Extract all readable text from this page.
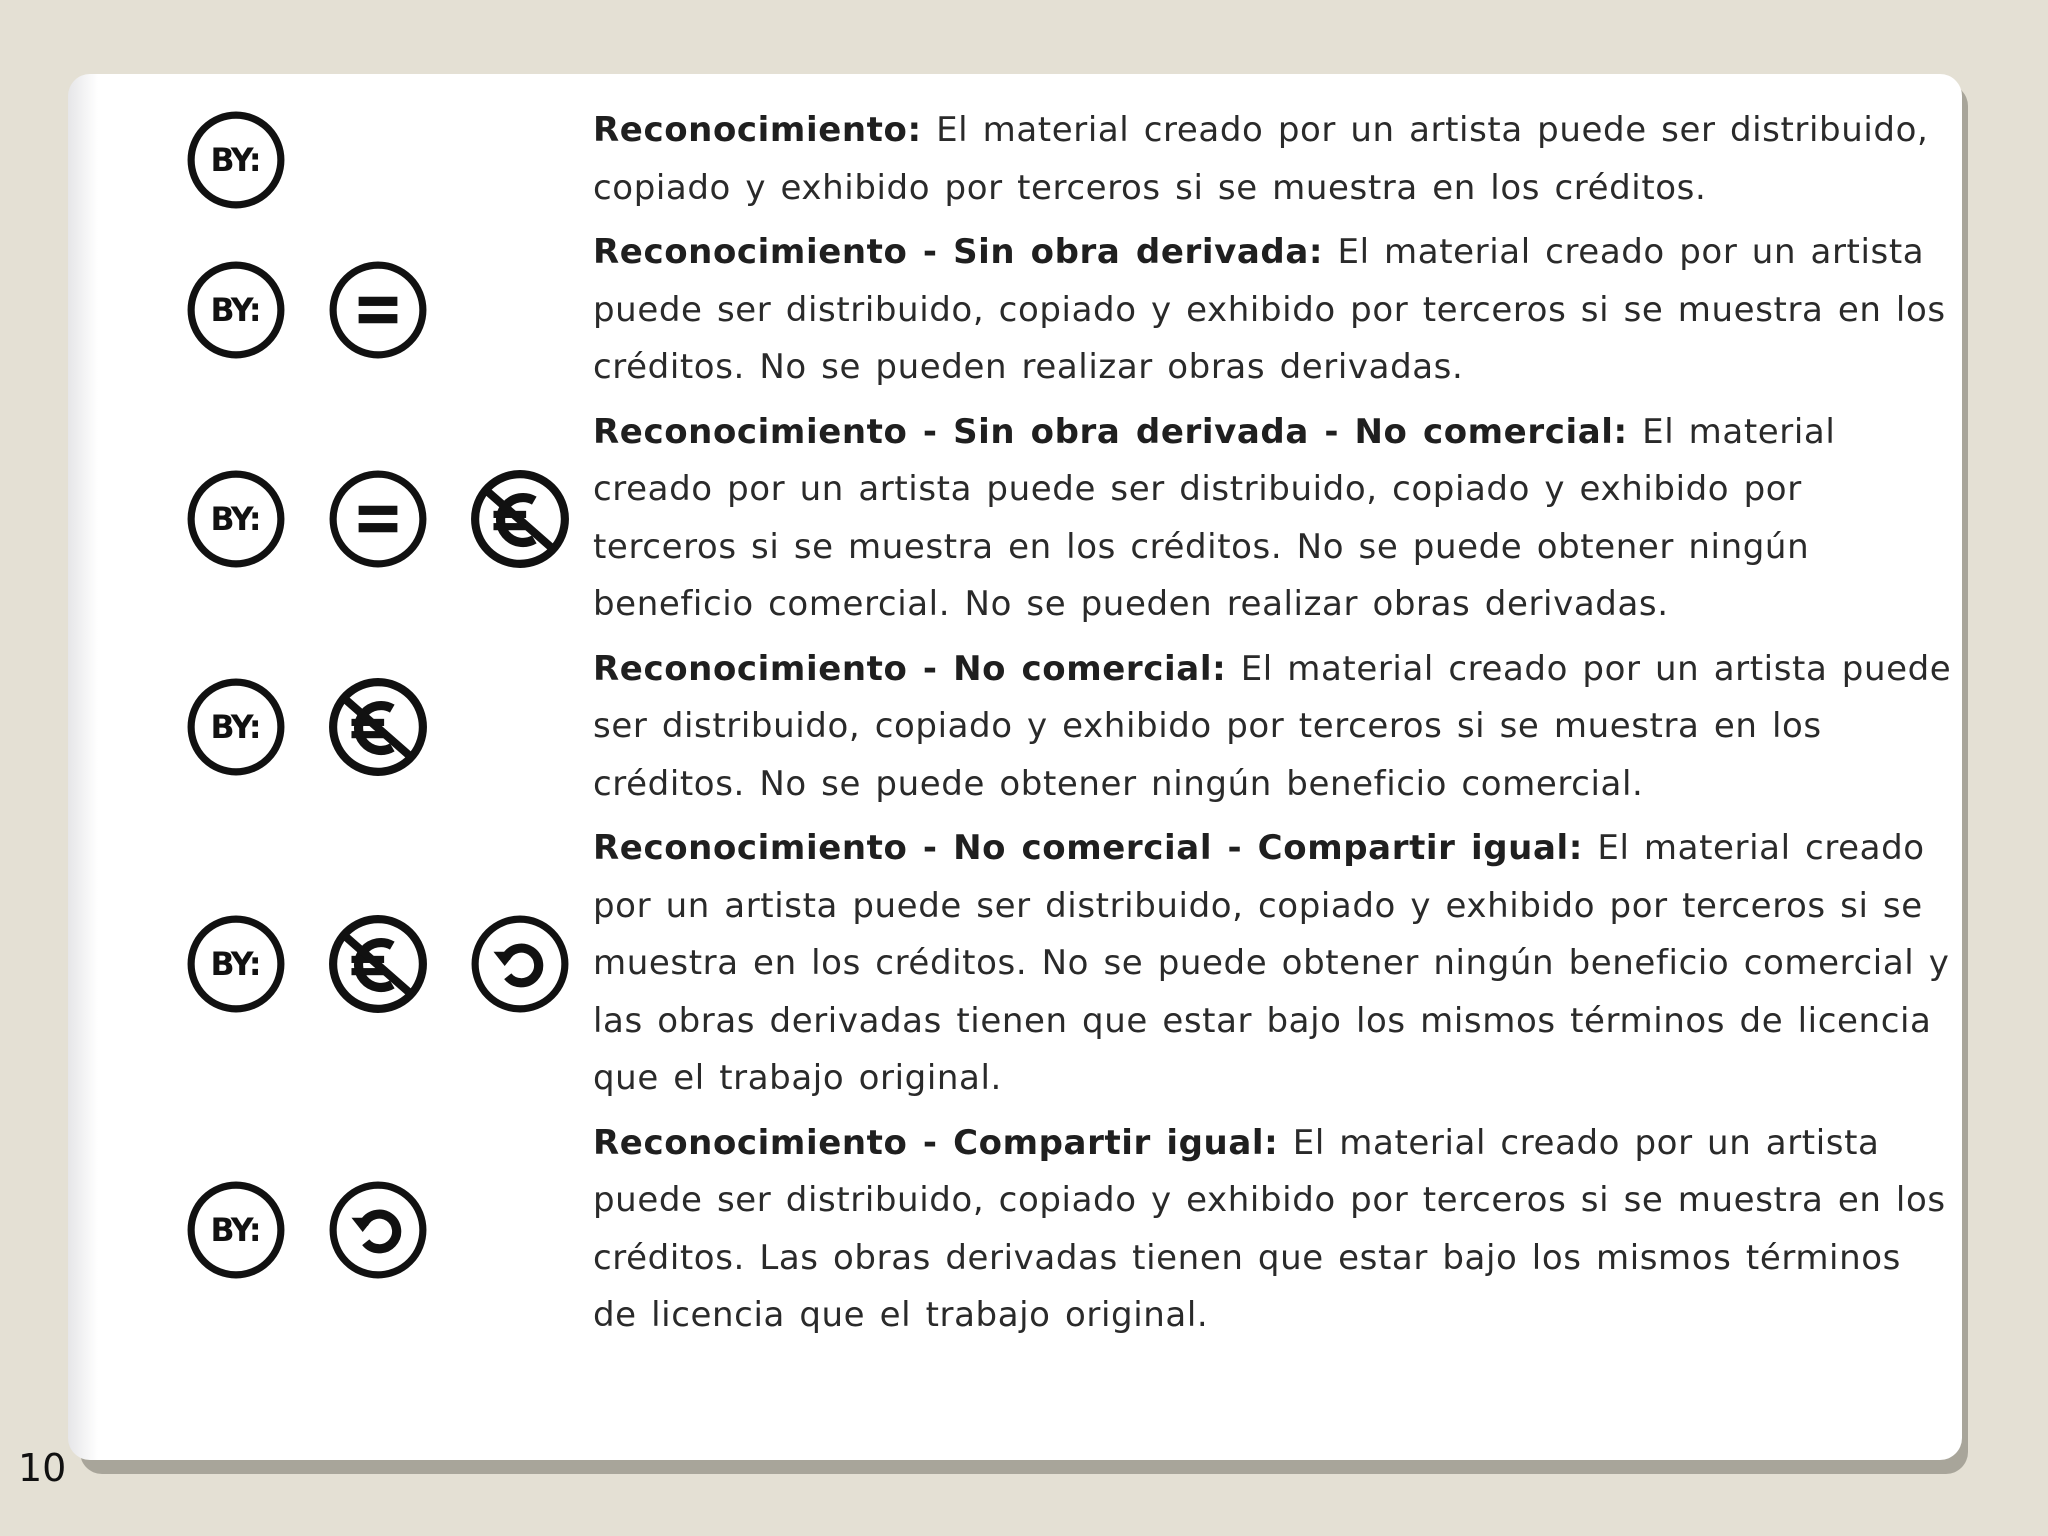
BY:
Reconocimiento: El material creado por un artista puede ser distribuido, copiado y exhibido por terceros si se muestra en los créditos.
BY:
Reconocimiento - Sin obra derivada: El material creado por un artista puede ser distribuido, copiado y exhibido por terceros si se muestra en los créditos. No se pueden realizar obras derivadas.
BY:
Reconocimiento - Sin obra derivada - No comercial: El material creado por un artista puede ser distribuido, copiado y exhibido por terceros si se muestra en los créditos. No se puede obtener ningún beneficio comercial. No se pueden realizar obras derivadas.
BY:
Reconocimiento - No comercial: El material creado por un artista puede ser distribuido, copiado y exhibido por terceros si se muestra en los créditos. No se puede obtener ningún beneficio comercial.
BY:
Reconocimiento - No comercial - Compartir igual: El material creado por un artista puede ser distribuido, copiado y exhibido por terceros si se muestra en los créditos. No se puede obtener ningún beneficio comercial y las obras derivadas tienen que estar bajo los mismos términos de licencia que el trabajo original.
BY:
Reconocimiento - Compartir igual: El material creado por un artista puede ser distribuido, copiado y exhibido por terceros si se muestra en los créditos. Las obras derivadas tienen que estar bajo los mismos términos de licencia que el trabajo original.
10
